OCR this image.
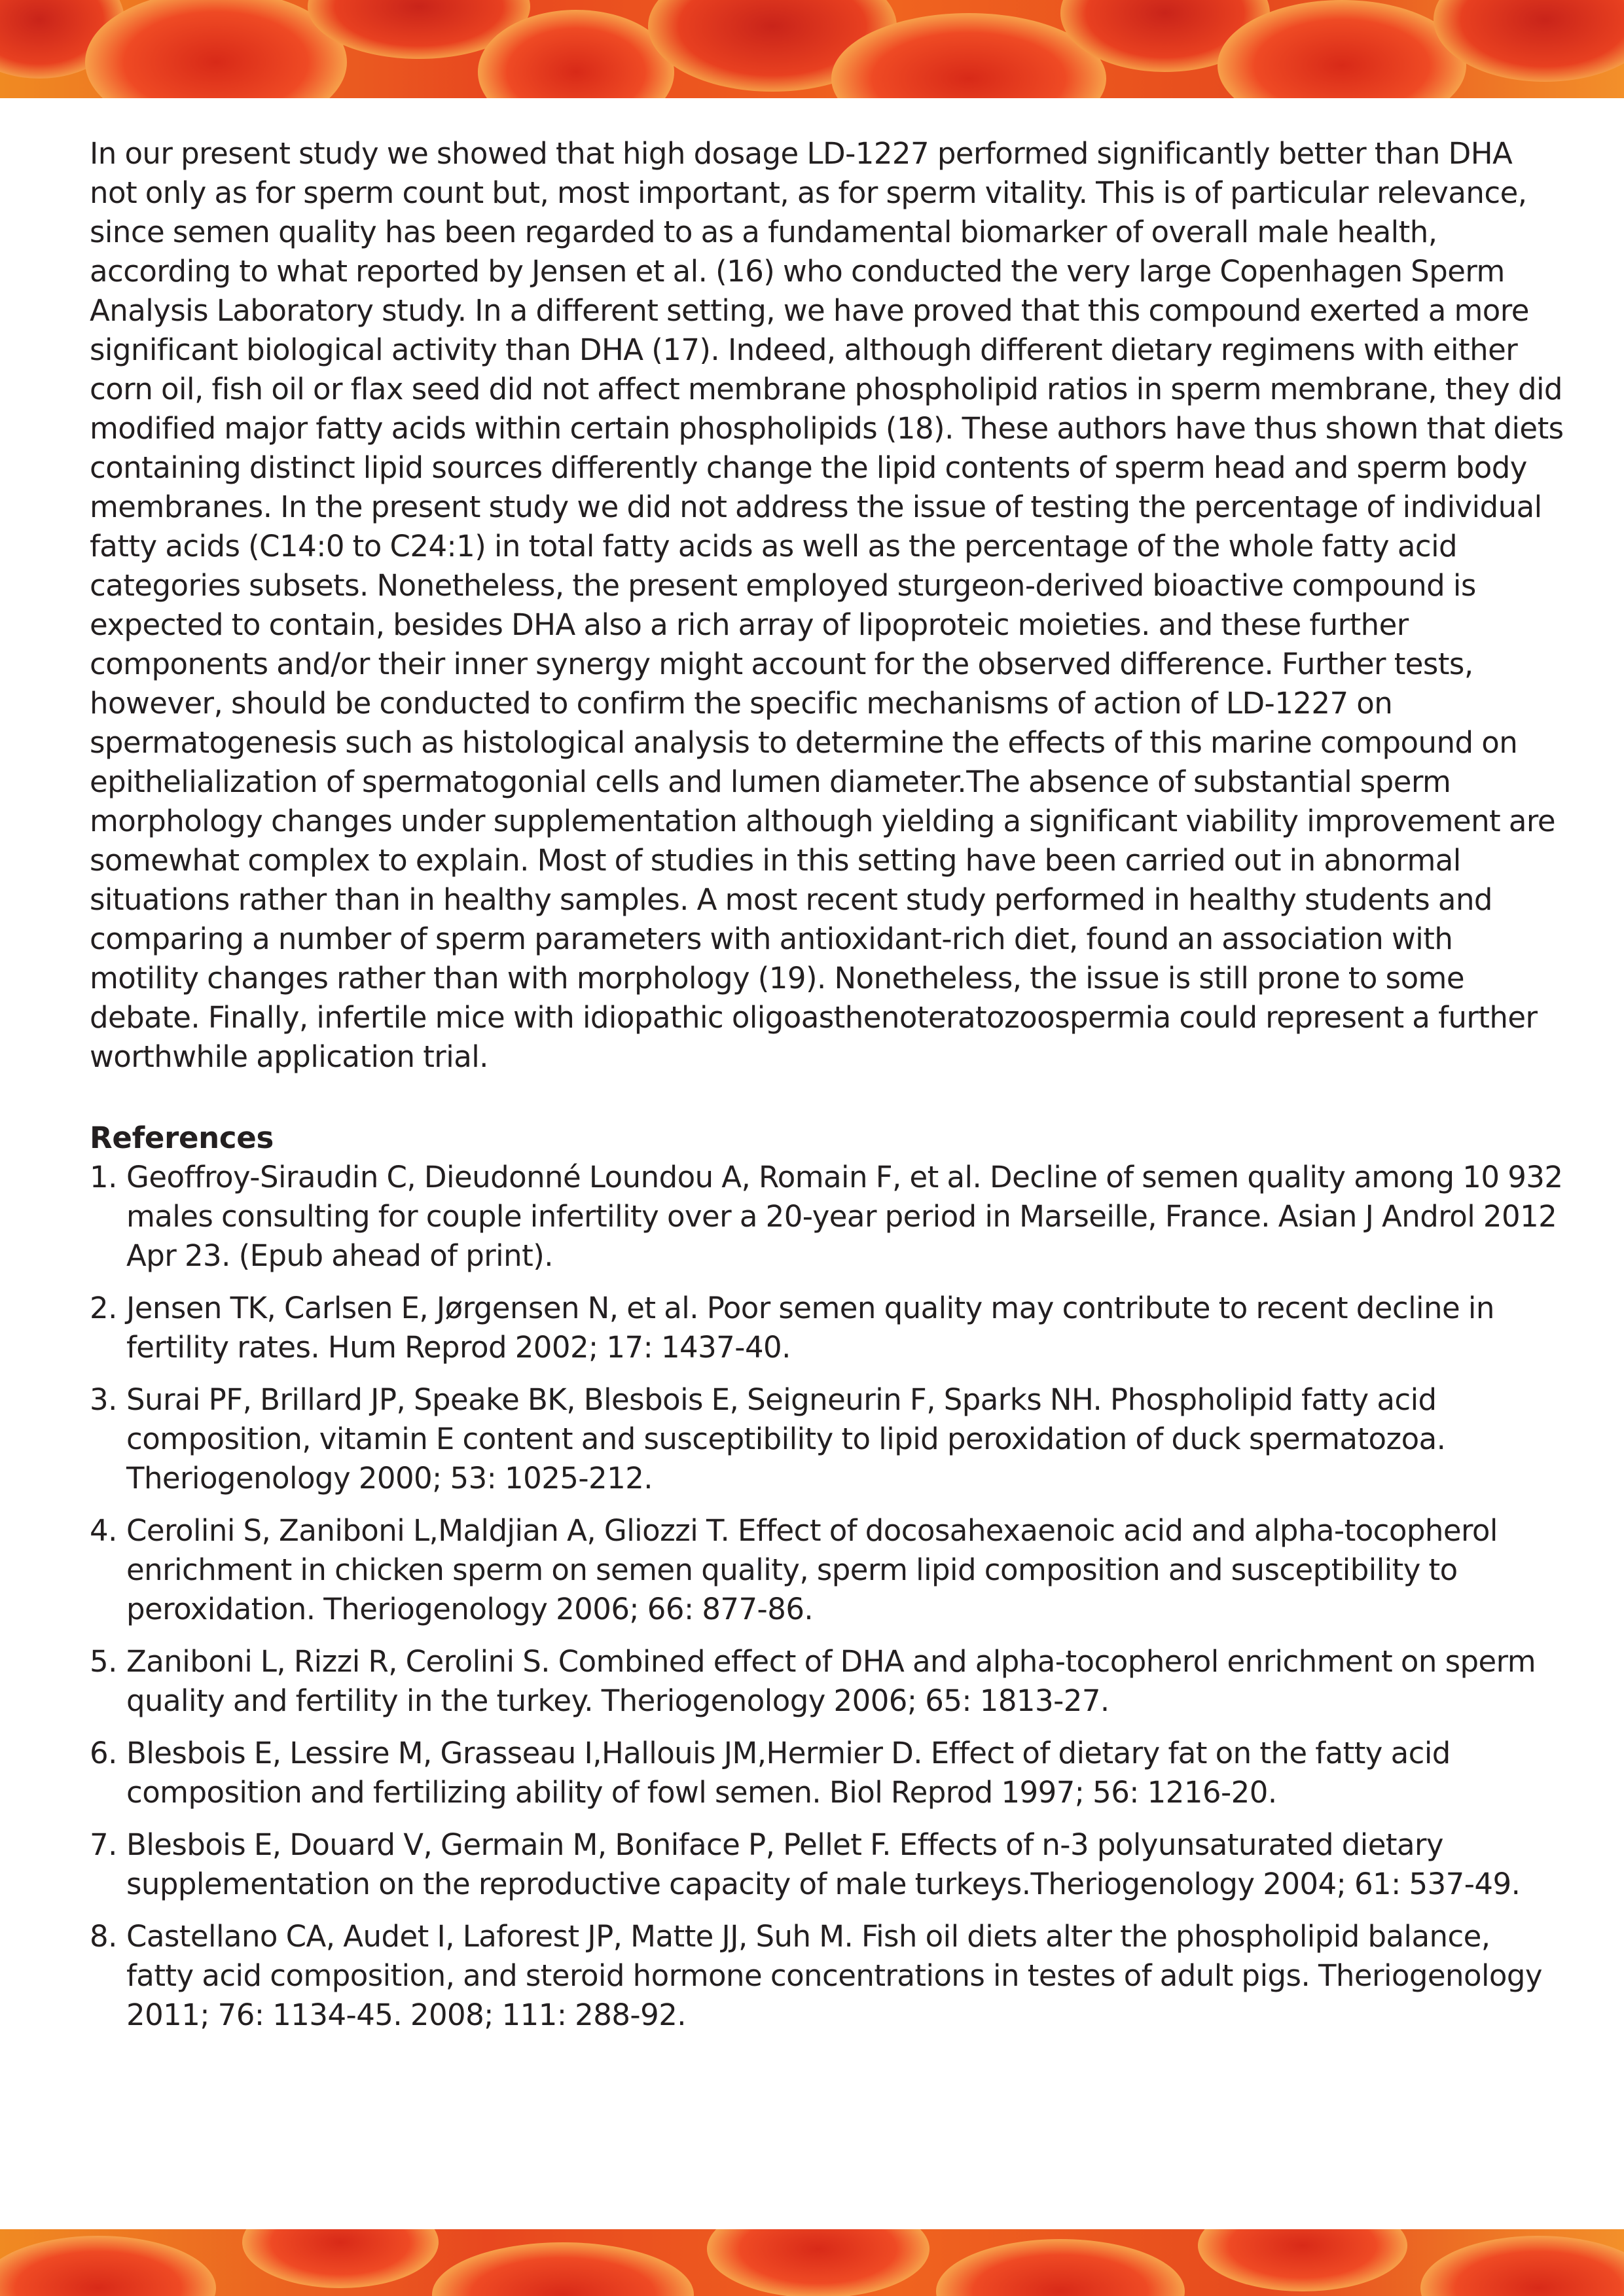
In our present study we showed that high dosage LD-1227 performed significantly better than DHA not only as for sperm count but, most important, as for sperm vitality. This is of particular relevance, since semen quality has been regarded to as a fundamental biomarker of overall male health, according to what reported by Jensen et al. (16) who conducted the very large Copenhagen Sperm Analysis Laboratory study. In a different setting, we have proved that this compound exerted a more significant biological activity than DHA (17). Indeed, although different dietary regimens with either corn oil, fish oil or flax seed did not affect membrane phospholipid ratios in sperm membrane, they did modified major fatty acids within certain phospholipids (18). These authors have thus shown that diets containing distinct lipid sources differently change the lipid contents of sperm head and sperm body membranes. In the present study we did not address the issue of testing the percentage of individual fatty acids (C14:0 to C24:1) in total fatty acids as well as the percentage of the whole fatty acid categories subsets. Nonetheless, the present employed sturgeon-derived bioactive compound is expected to contain, besides DHA also a rich array of lipoproteic moieties. and these further components and/or their inner synergy might account for the observed difference. Further tests, however, should be conducted to confirm the specific mechanisms of action of LD-1227 on spermatogenesis such as histological analysis to determine the effects of this marine compound on epithelialization of spermatogonial cells and lumen diameter.The absence of substantial sperm morphology changes under supplementation although yielding a significant viability improvement are somewhat complex to explain. Most of studies in this setting have been carried out in abnormal situations rather than in healthy samples. A most recent study performed in healthy students and comparing a number of sperm parameters with antioxidant-rich diet, found an association with motility changes rather than with morphology (19). Nonetheless, the issue is still prone to some debate. Finally, infertile mice with idiopathic oligoasthenoteratozoospermia could represent a further worthwhile application trial.

References
1. Geoffroy-Siraudin C, Dieudonné Loundou A, Romain F, et al. Decline of semen quality among 10 932 males consulting for couple infertility over a 20-year period in Marseille, France. Asian J Androl 2012 Apr 23. (Epub ahead of print).
2. Jensen TK, Carlsen E, Jørgensen N, et al. Poor semen quality may contribute to recent decline in fertility rates. Hum Reprod 2002; 17: 1437-40.
3. Surai PF, Brillard JP, Speake BK, Blesbois E, Seigneurin F, Sparks NH. Phospholipid fatty acid composition, vitamin E content and susceptibility to lipid peroxidation of duck spermatozoa. Theriogenology 2000; 53: 1025-212.
4. Cerolini S, Zaniboni L,Maldjian A, Gliozzi T. Effect of docosahexaenoic acid and alpha-tocopherol enrichment in chicken sperm on semen quality, sperm lipid composition and susceptibility to peroxidation. Theriogenology 2006; 66: 877-86.
5. Zaniboni L, Rizzi R, Cerolini S. Combined effect of DHA and alpha-tocopherol enrichment on sperm quality and fertility in the turkey. Theriogenology 2006; 65: 1813-27.
6. Blesbois E, Lessire M, Grasseau I,Hallouis JM,Hermier D. Effect of dietary fat on the fatty acid composition and fertilizing ability of fowl semen. Biol Reprod 1997; 56: 1216-20.
7. Blesbois E, Douard V, Germain M, Boniface P, Pellet F. Effects of n-3 polyunsaturated dietary supplementation on the reproductive capacity of male turkeys.Theriogenology 2004; 61: 537-49.
8. Castellano CA, Audet I, Laforest JP, Matte JJ, Suh M. Fish oil diets alter the phospholipid balance, fatty acid composition, and steroid hormone concentrations in testes of adult pigs. Theriogenology 2011; 76: 1134-45. 2008; 111: 288-92.
